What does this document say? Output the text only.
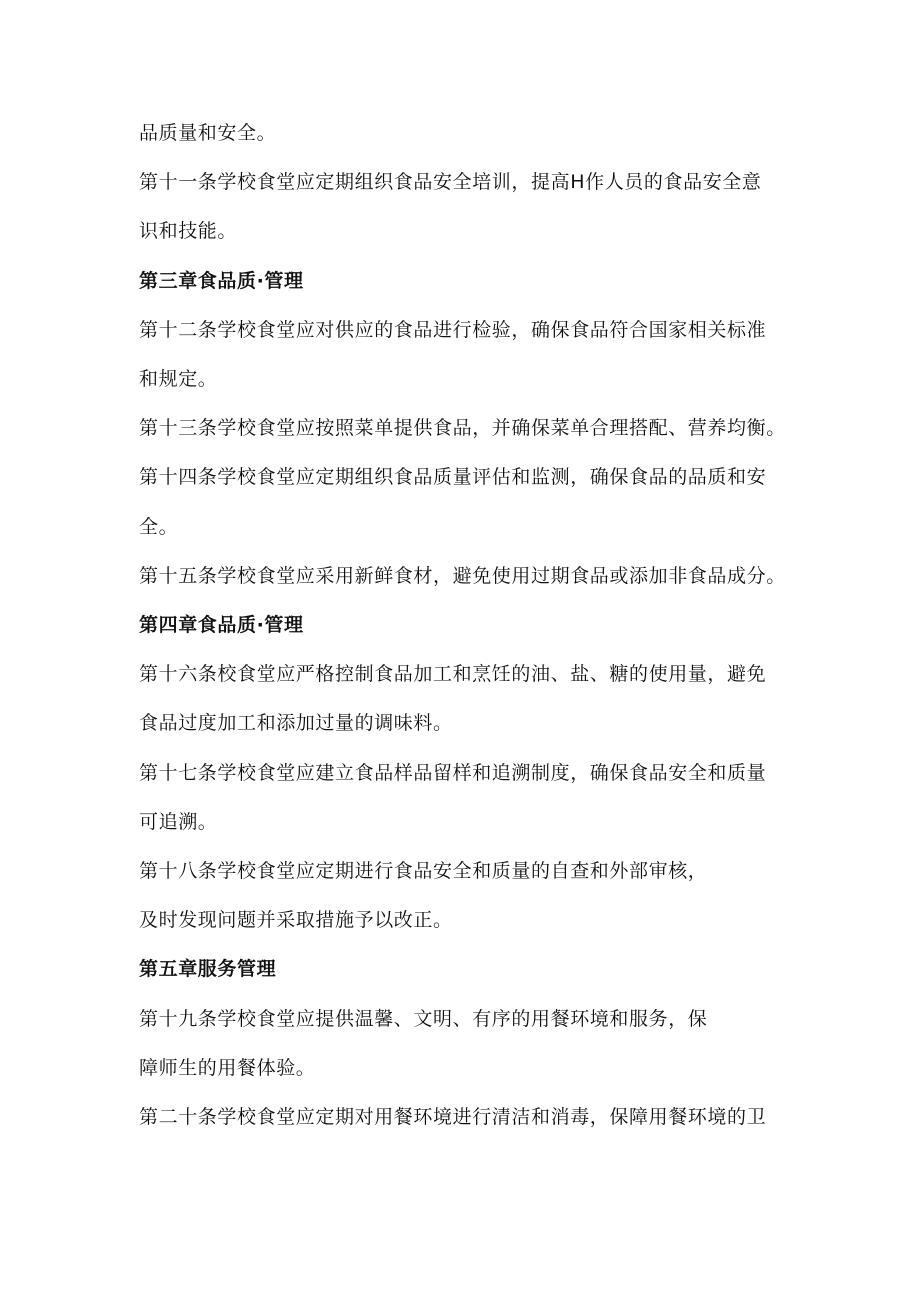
品质量和安全。
第十一条学校食堂应定期组织食品安全培训，提高H作人员的食品安全意
识和技能。
第三章食品质·管理
第十二条学校食堂应对供应的食品进行检验，确保食品符合国家相关标准
和规定。
第十三条学校食堂应按照菜单提供食品，并确保菜单合理搭配、营养均衡。
第十四条学校食堂应定期组织食品质量评估和监测，确保食品的品质和安
全。
第十五条学校食堂应采用新鲜食材，避免使用过期食品或添加非食品成分。
第四章食品质·管理
第十六条校食堂应严格控制食品加工和烹饪的油、盐、糖的使用量，避免
食品过度加工和添加过量的调味料。
第十七条学校食堂应建立食品样品留样和追溯制度，确保食品安全和质量
可追溯。
第十八条学校食堂应定期进行食品安全和质量的自查和外部审核，
及时发现问题并采取措施予以改正。
第五章服务管理
第十九条学校食堂应提供温馨、文明、有序的用餐环境和服务，保
障师生的用餐体验。
第二十条学校食堂应定期对用餐环境进行清洁和消毒，保障用餐环境的卫
